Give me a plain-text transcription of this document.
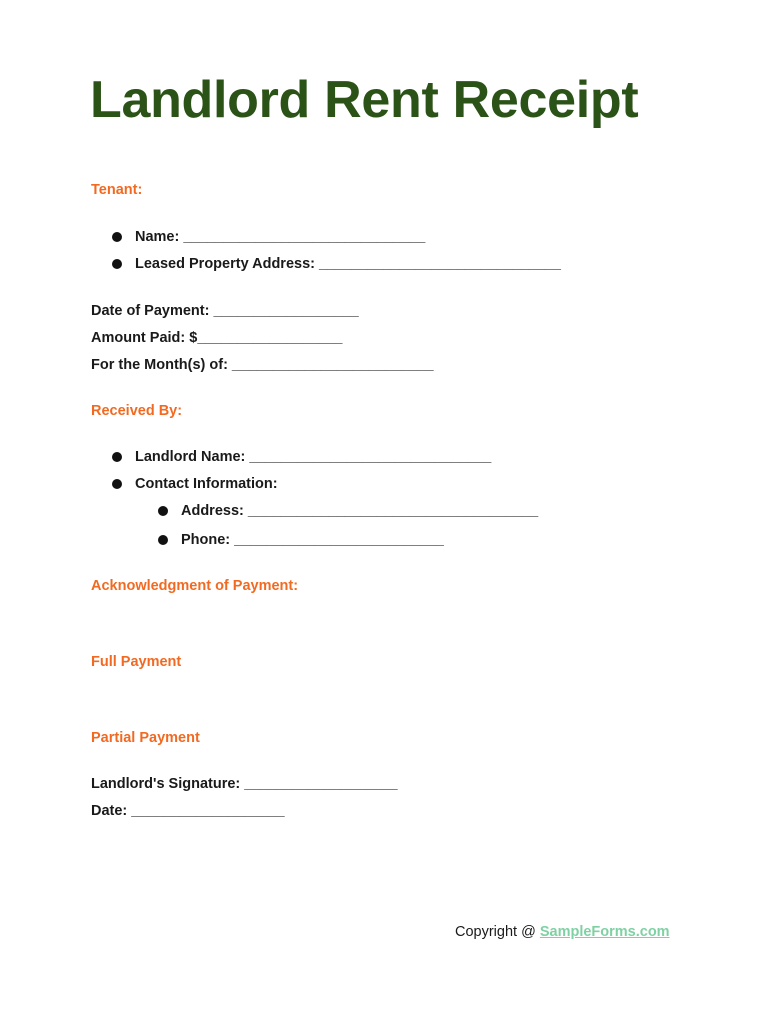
Landlord Rent Receipt
Tenant:
Name: ______________________________
Leased Property Address: ______________________________
Date of Payment: __________________
Amount Paid: $__________________
For the Month(s) of: _________________________
Received By:
Landlord Name: ______________________________
Contact Information:
Address: ____________________________________
Phone: __________________________
Acknowledgment of Payment:
Full Payment
Partial Payment
Landlord's Signature: ___________________
Date: ___________________
Copyright @ SampleForms.com
